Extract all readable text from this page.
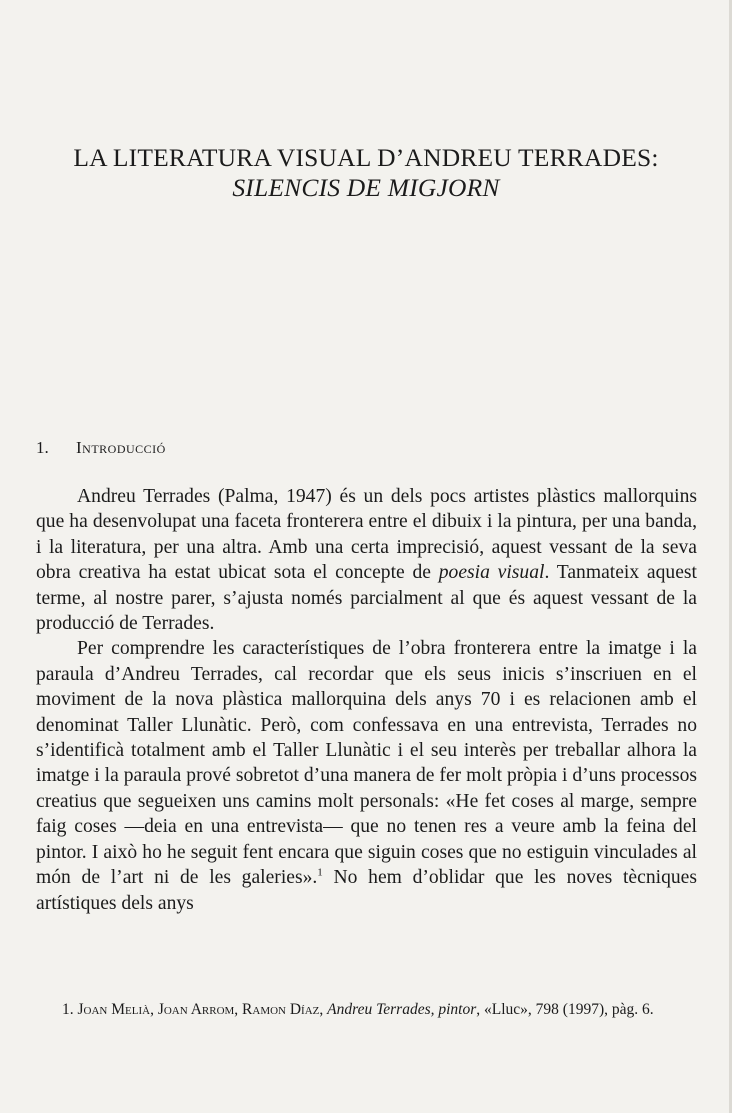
LA LITERATURA VISUAL D’ANDREU TERRADES:
SILENCIS DE MIGJORN
1. Introducció

Andreu Terrades (Palma, 1947) és un dels pocs artistes plàstics mallorquins que ha desenvolupat una faceta fronterera entre el dibuix i la pintura, per una banda, i la literatura, per una altra. Amb una certa imprecisió, aquest vessant de la seva obra creativa ha estat ubicat sota el concepte de poesia visual. Tanmateix aquest terme, al nostre parer, s’ajusta només parcialment al que és aquest vessant de la producció de Terrades.

Per comprendre les característiques de l’obra fronterera entre la imatge i la paraula d’Andreu Terrades, cal recordar que els seus inicis s’inscriuen en el moviment de la nova plàstica mallorquina dels anys 70 i es relacionen amb el denominat Taller Llunàtic. Però, com confessava en una entrevista, Terrades no s’identificà totalment amb el Taller Llunàtic i el seu interès per treballar alhora la imatge i la paraula prové sobretot d’una manera de fer molt pròpia i d’uns processos creatius que segueixen uns camins molt personals: «He fet coses al marge, sempre faig coses —deia en una entrevista— que no tenen res a veure amb la feina del pintor. I això ho he seguit fent encara que siguin coses que no estiguin vinculades al món de l’art ni de les galeries».$^1$ No hem d’oblidar que les noves tècniques artístiques dels anys

1. Joan Melià, Joan Arrom, Ramon Díaz, Andreu Terrades, pintor, «Lluc», 798 (1997), pàg. 6.
